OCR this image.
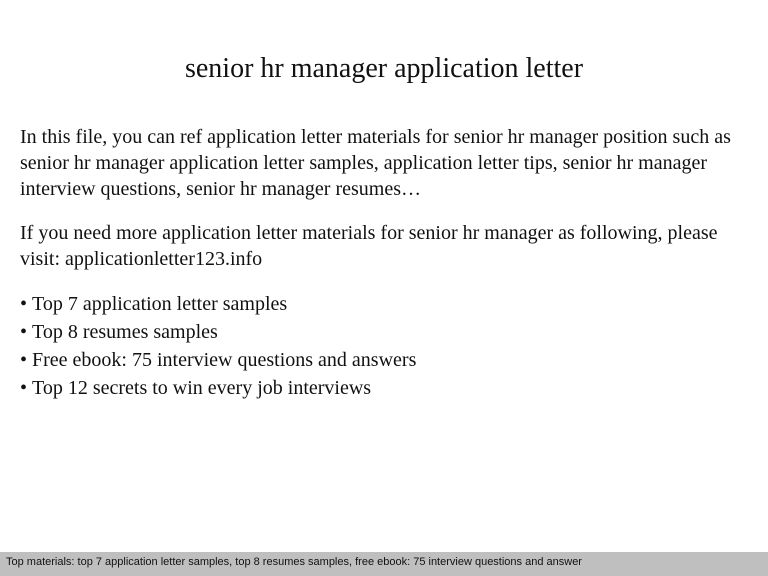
senior hr manager application letter

In this file, you can ref application letter materials for senior hr manager position such as senior hr manager application letter samples, application letter tips, senior hr manager interview questions, senior hr manager resumes…

If you need more application letter materials for senior hr manager as following, please visit: applicationletter123.info

• Top 7 application letter samples
• Top 8 resumes samples
• Free ebook: 75 interview questions and answers
• Top 12 secrets to win every job interviews
Top materials: top 7 application letter samples, top 8 resumes samples, free ebook: 75 interview questions and answer
